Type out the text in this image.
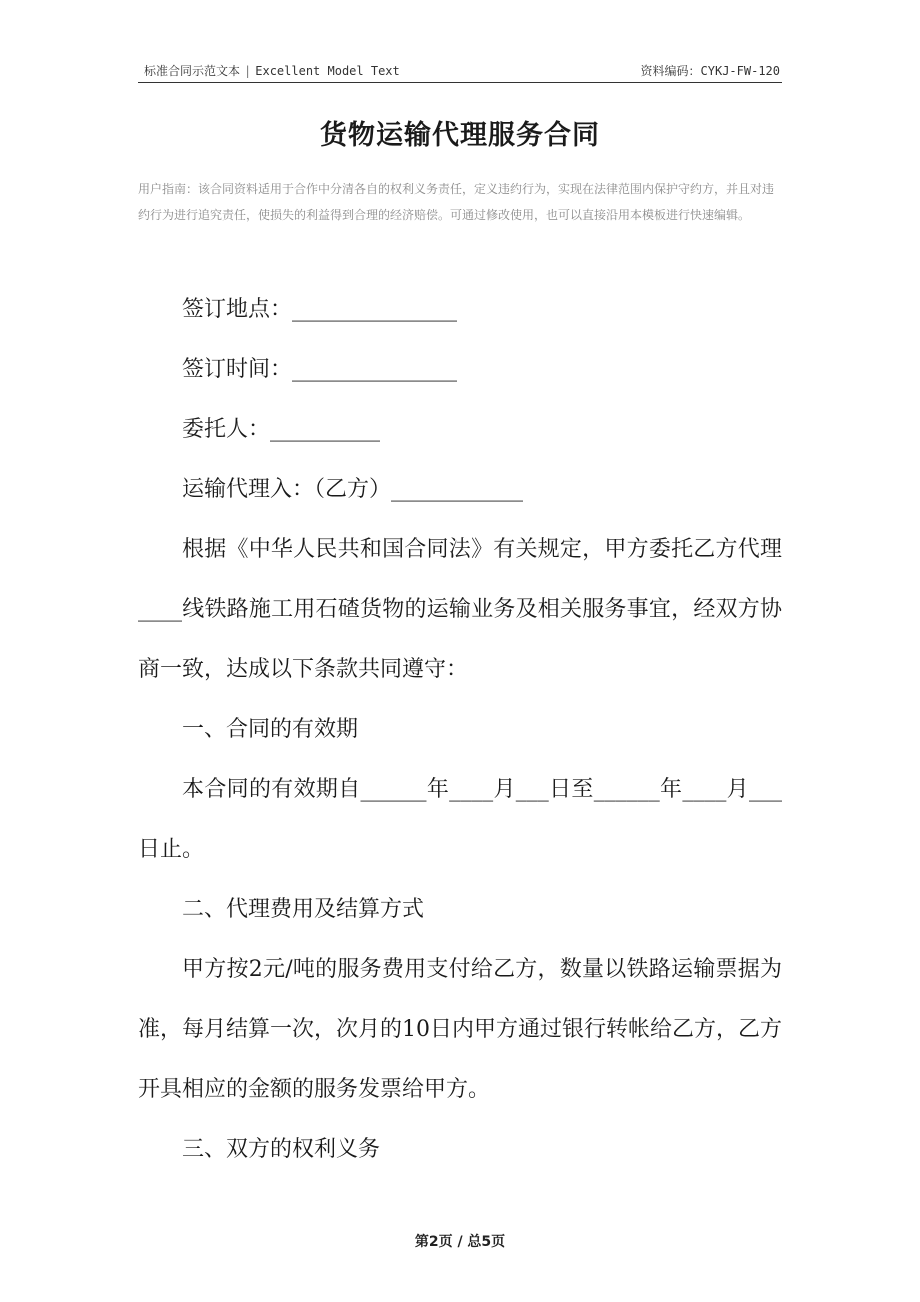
标准合同示范文本 | Excellent Model Text	资料编码：CYKJ-FW-120
货物运输代理服务合同
用户指南：该合同资料适用于合作中分清各自的权利义务责任，定义违约行为，实现在法律范围内保护守约方，并且对违约行为进行追究责任，使损失的利益得到合理的经济赔偿。可通过修改使用，也可以直接沿用本模板进行快速编辑。

签订地点：_______________

签订时间：_______________

委托人：__________

运输代理入：（乙方）____________

根据《中华人民共和国合同法》有关规定，甲方委托乙方代理____线铁路施工用石碴货物的运输业务及相关服务事宜，经双方协商一致，达成以下条款共同遵守：

一、合同的有效期

本合同的有效期自______年____月___日至______年____月___日止。

二、代理费用及结算方式

甲方按2元/吨的服务费用支付给乙方，数量以铁路运输票据为准，每月结算一次，次月的10日内甲方通过银行转帐给乙方，乙方开具相应的金额的服务发票给甲方。

三、双方的权利义务

第2页 / 总5页
